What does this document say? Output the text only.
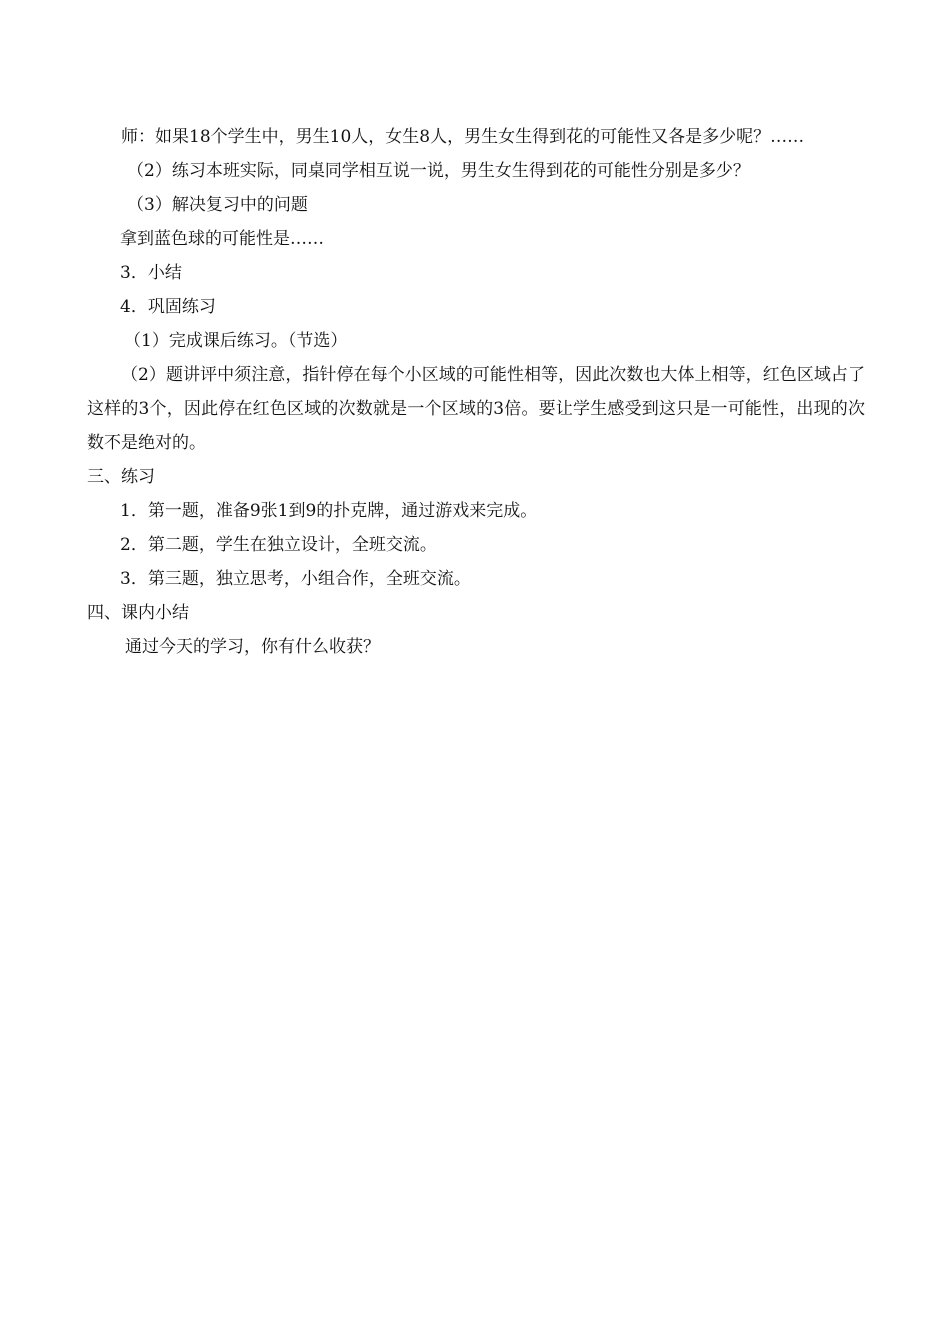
师：如果18个学生中，男生10人，女生8人，男生女生得到花的可能性又各是多少呢？……

（2）练习本班实际，同桌同学相互说一说，男生女生得到花的可能性分别是多少？

（3）解决复习中的问题

拿到蓝色球的可能性是……

3．小结

4．巩固练习

（1）完成课后练习。（节选）

（2）题讲评中须注意，指针停在每个小区域的可能性相等，因此次数也大体上相等，红色区域占了这样的3个，因此停在红色区域的次数就是一个区域的3倍。要让学生感受到这只是一可能性，出现的次数不是绝对的。

三、练习

1．第一题，准备9张1到9的扑克牌，通过游戏来完成。

2．第二题，学生在独立设计，全班交流。

3．第三题，独立思考，小组合作，全班交流。

四、课内小结

通过今天的学习，你有什么收获？
